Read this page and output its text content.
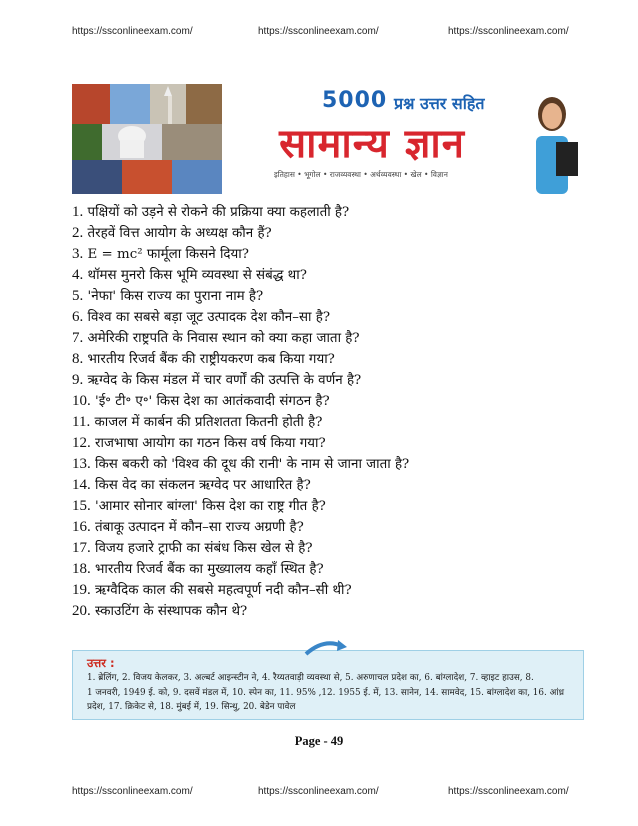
https://ssconlineexam.com/	https://ssconlineexam.com/	https://ssconlineexam.com/
5000 प्रश्न उत्तर सहित
सामान्य ज्ञान
इतिहास • भूगोल • राजव्यवस्था • अर्थव्यवस्था • खेल • विज्ञान
1. पक्षियों को उड़ने से रोकने की प्रक्रिया क्या कहलाती है?
2. तेरहवें वित्त आयोग के अध्यक्ष कौन हैं?
3. E = mc² फार्मूला किसने दिया?
4. थॉमस मुनरो किस भूमि व्यवस्था से संबंद्ध था?
5. 'नेफा' किस राज्य का पुराना नाम है?
6. विश्व का सबसे बड़ा जूट उत्पादक देश कौन–सा है?
7. अमेरिकी राष्ट्रपति के निवास स्थान को क्या कहा जाता है?
8. भारतीय रिजर्व बैंक की राष्ट्रीयकरण कब किया गया?
9. ऋग्वेद के किस मंडल में चार वर्णों की उत्पत्ति के वर्णन है?
10. 'ई॰ टी॰ ए॰' किस देश का आतंकवादी संगठन है?
11. काजल में कार्बन की प्रतिशतता कितनी होती है?
12. राजभाषा आयोग का गठन किस वर्ष किया गया?
13. किस बकरी को 'विश्व की दूध की रानी' के नाम से जाना जाता है?
14. किस वेद का संकलन ऋग्वेद पर आधारित है?
15. 'आमार सोनार बांग्ला' किस देश का राष्ट्र गीत है?
16. तंबाकू उत्पादन में कौन–सा राज्य अग्रणी है?
17. विजय हजारे ट्राफी का संबंध किस खेल से है?
18. भारतीय रिजर्व बैंक का मुख्यालय कहाँ स्थित है?
19. ऋग्वैदिक काल की सबसे महत्वपूर्ण नदी कौन–सी थी?
20. स्काउटिंग के संस्थापक कौन थे?
उत्तर :
1. ब्रेलिंग, 2. विजय केलकर, 3. अल्बर्ट आइन्स्टीन ने, 4. रैय्यतवाड़ी व्यवस्था से, 5. अरुणाचल प्रदेश का, 6. बांग्लादेश, 7. व्हाइट हाउस, 8.
1 जनवरी, 1949 ई. को, 9. दसवें मंडल में, 10. स्पेन का, 11. 95% ,12. 1955 ई. में, 13. सानेन, 14. सामवेद, 15. बांग्लादेश का, 16. आंध्र
प्रदेश, 17. क्रिकेट से, 18. मुंबई में, 19. सिन्धु, 20. बेडेन पावेल
Page - 49
https://ssconlineexam.com/	https://ssconlineexam.com/	https://ssconlineexam.com/
